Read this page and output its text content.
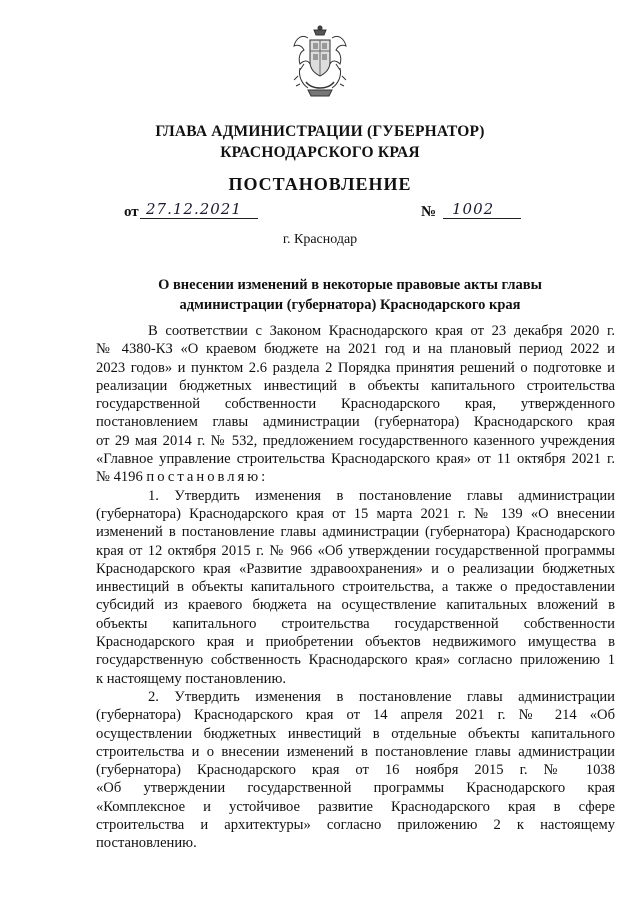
ГЛАВА АДМИНИСТРАЦИИ (ГУБЕРНАТОР)
КРАСНОДАРСКОГО КРАЯ
ПОСТАНОВЛЕНИЕ
от 27.12.2021	№ 1002
г. Краснодар
О внесении изменений в некоторые правовые акты главы
администрации (губернатора) Краснодарского края
В соответствии с Законом Краснодарского края от 23 декабря 2020 г.
№ 4380-КЗ «О краевом бюджете на 2021 год и на плановый период 2022 и
2023 годов» и пунктом 2.6 раздела 2 Порядка принятия решений о подготовке и
реализации бюджетных инвестиций в объекты капитального строительства
государственной собственности Краснодарского края, утвержденного
постановлением главы администрации (губернатора) Краснодарского края
от 29 мая 2014 г. № 532, предложением государственного казенного учреждения
«Главное управление строительства Краснодарского края» от 11 октября 2021 г.
№ 4196 постановляю:
1. Утвердить изменения в постановление главы администрации
(губернатора) Краснодарского края от 15 марта 2021 г. № 139 «О внесении
изменений в постановление главы администрации (губернатора) Краснодарского
края от 12 октября 2015 г. № 966 «Об утверждении государственной программы
Краснодарского края «Развитие здравоохранения» и о реализации бюджетных
инвестиций в объекты капитального строительства, а также о предоставлении
субсидий из краевого бюджета на осуществление капитальных вложений в
объекты капитального строительства государственной собственности
Краснодарского края и приобретении объектов недвижимого имущества в
государственную собственность Краснодарского края» согласно приложению 1
к настоящему постановлению.
2. Утвердить изменения в постановление главы администрации
(губернатора) Краснодарского края от 14 апреля 2021 г. № 214 «Об
осуществлении бюджетных инвестиций в отдельные объекты капитального
строительства и о внесении изменений в постановление главы администрации
(губернатора) Краснодарского края от 16 ноября 2015 г. № 1038
«Об утверждении государственной программы Краснодарского края
«Комплексное и устойчивое развитие Краснодарского края в сфере
строительства и архитектуры» согласно приложению 2 к настоящему
постановлению.
